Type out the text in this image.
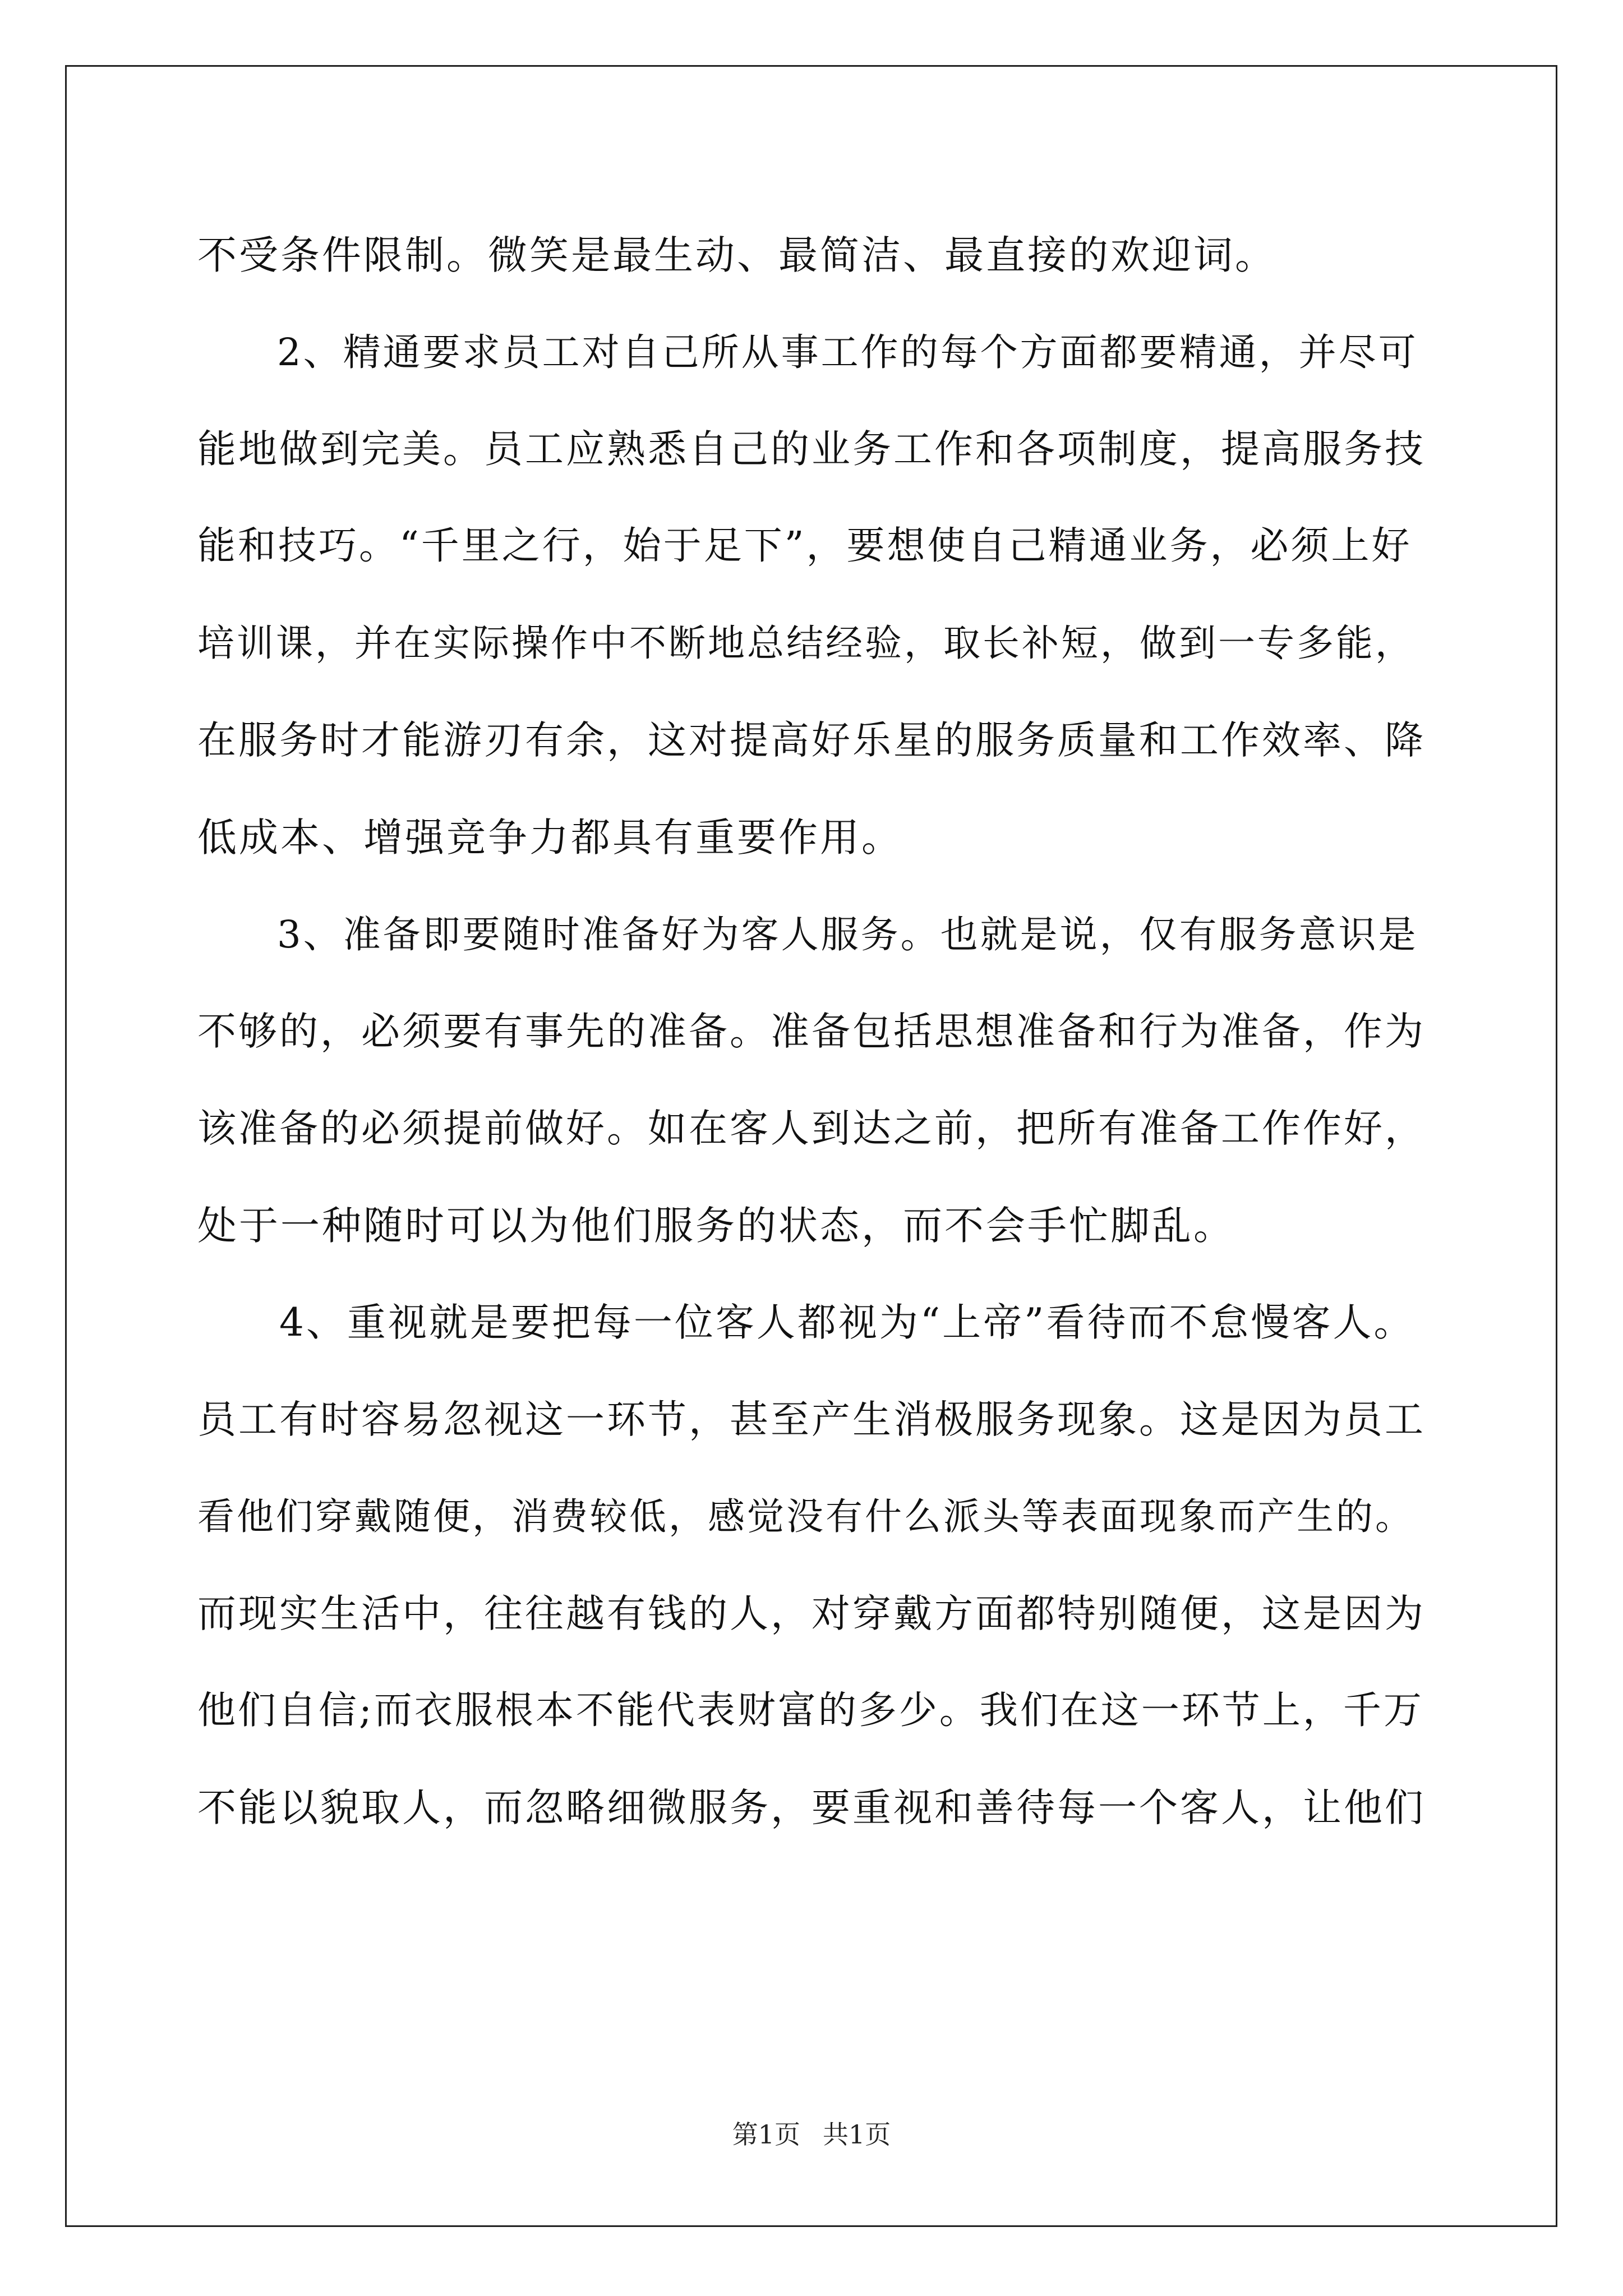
不受条件限制。微笑是最生动、最简洁、最直接的欢迎词。
　　2、精通要求员工对自己所从事工作的每个方面都要精通，并尽可
能地做到完美。员工应熟悉自己的业务工作和各项制度，提高服务技
能和技巧。“千里之行，始于足下”，要想使自己精通业务，必须上好
培训课，并在实际操作中不断地总结经验，取长补短，做到一专多能，
在服务时才能游刃有余，这对提高好乐星的服务质量和工作效率、降
低成本、增强竞争力都具有重要作用。
　　3、准备即要随时准备好为客人服务。也就是说，仅有服务意识是
不够的，必须要有事先的准备。准备包括思想准备和行为准备，作为
该准备的必须提前做好。如在客人到达之前，把所有准备工作作好，
处于一种随时可以为他们服务的状态，而不会手忙脚乱。
　　4、重视就是要把每一位客人都视为“上帝”看待而不怠慢客人。
员工有时容易忽视这一环节，甚至产生消极服务现象。这是因为员工
看他们穿戴随便，消费较低，感觉没有什么派头等表面现象而产生的。
而现实生活中，往往越有钱的人，对穿戴方面都特别随便，这是因为
他们自信;而衣服根本不能代表财富的多少。我们在这一环节上，千万
不能以貌取人，而忽略细微服务，要重视和善待每一个客人，让他们
第1页 共1页
